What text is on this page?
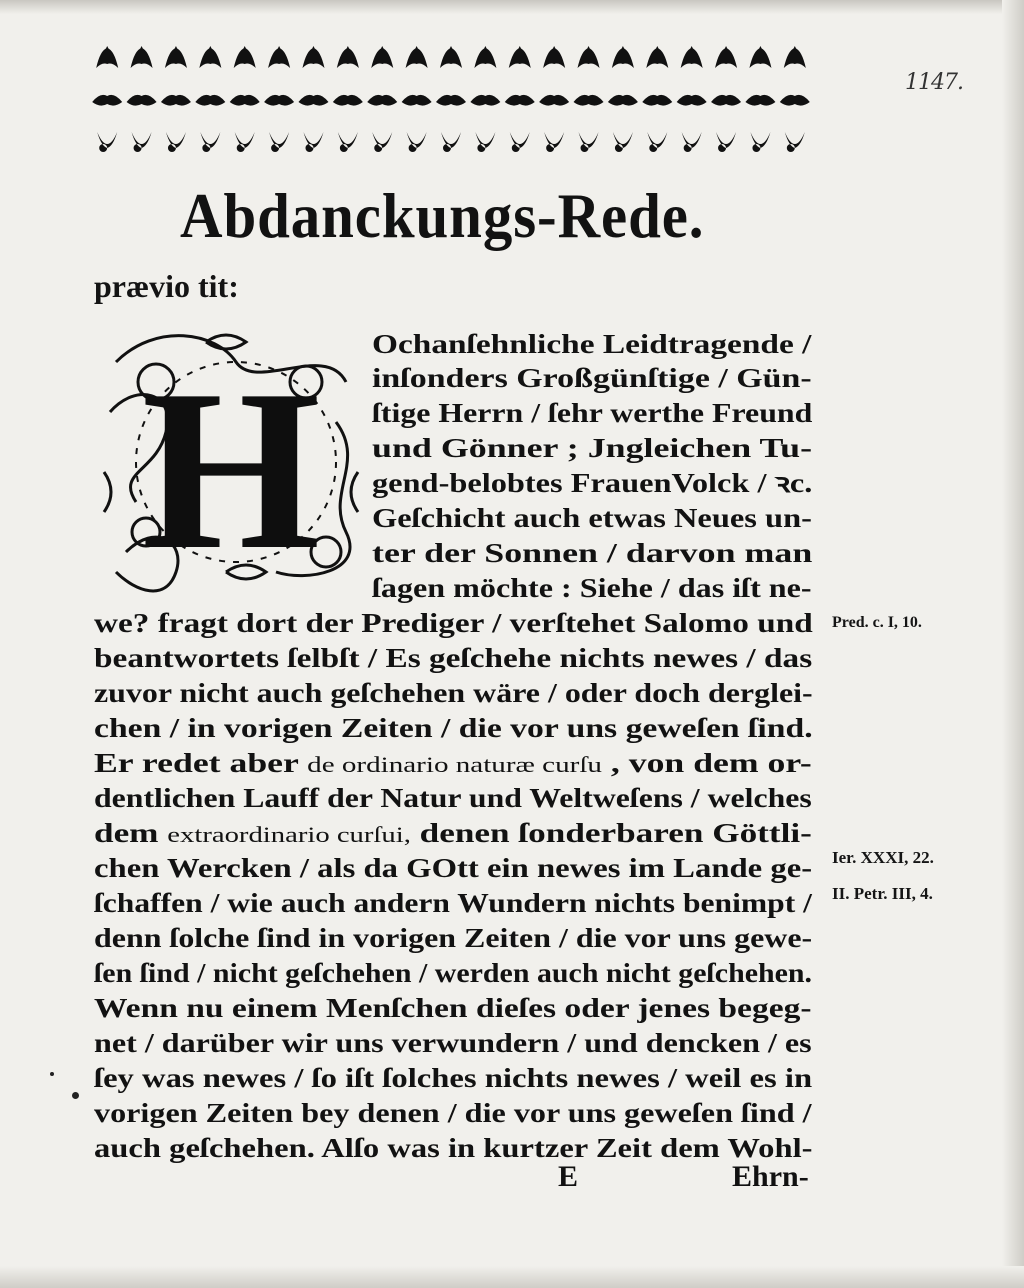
1147.
Abdanckungs-Rede.
prævio tit:
H Ochanſehnliche Leidtragende /
inſonders Großgünſtige / Gün-
ſtige Herrn / ſehr werthe Freund
und Gönner ; Jngleichen Tu-
gend-belobtes FrauenVolck / ꝛc.
Geſchicht auch etwas Neues un-
ter der Sonnen / darvon man
ſagen möchte : Siehe / das iſt ne-
we? fragt dort der Prediger / verſtehet Salomo und
beantwortets ſelbſt / Es geſchehe nichts newes / das
zuvor nicht auch geſchehen wäre / oder doch derglei-
chen / in vorigen Zeiten / die vor uns geweſen ſind.
Er redet aber de ordinario naturæ curſu , von dem or-
dentlichen Lauff der Natur und Weltweſens / welches
dem extraordinario curſui, denen ſonderbaren Göttli-
chen Wercken / als da GOtt ein newes im Lande ge-
ſchaffen / wie auch andern Wundern nichts benimpt /
denn ſolche ſind in vorigen Zeiten / die vor uns gewe-
ſen ſind / nicht geſchehen / werden auch nicht geſchehen.
Wenn nu einem Menſchen dieſes oder jenes begeg-
net / darüber wir uns verwundern / und dencken / es
ſey was newes / ſo iſt ſolches nichts newes / weil es in
vorigen Zeiten bey denen / die vor uns geweſen ſind /
auch geſchehen. Alſo was in kurtzer Zeit dem Wohl-
E	Ehrn-
Pred. c. I, 10.
Ier. XXXI, 22.
II. Petr. III, 4.
